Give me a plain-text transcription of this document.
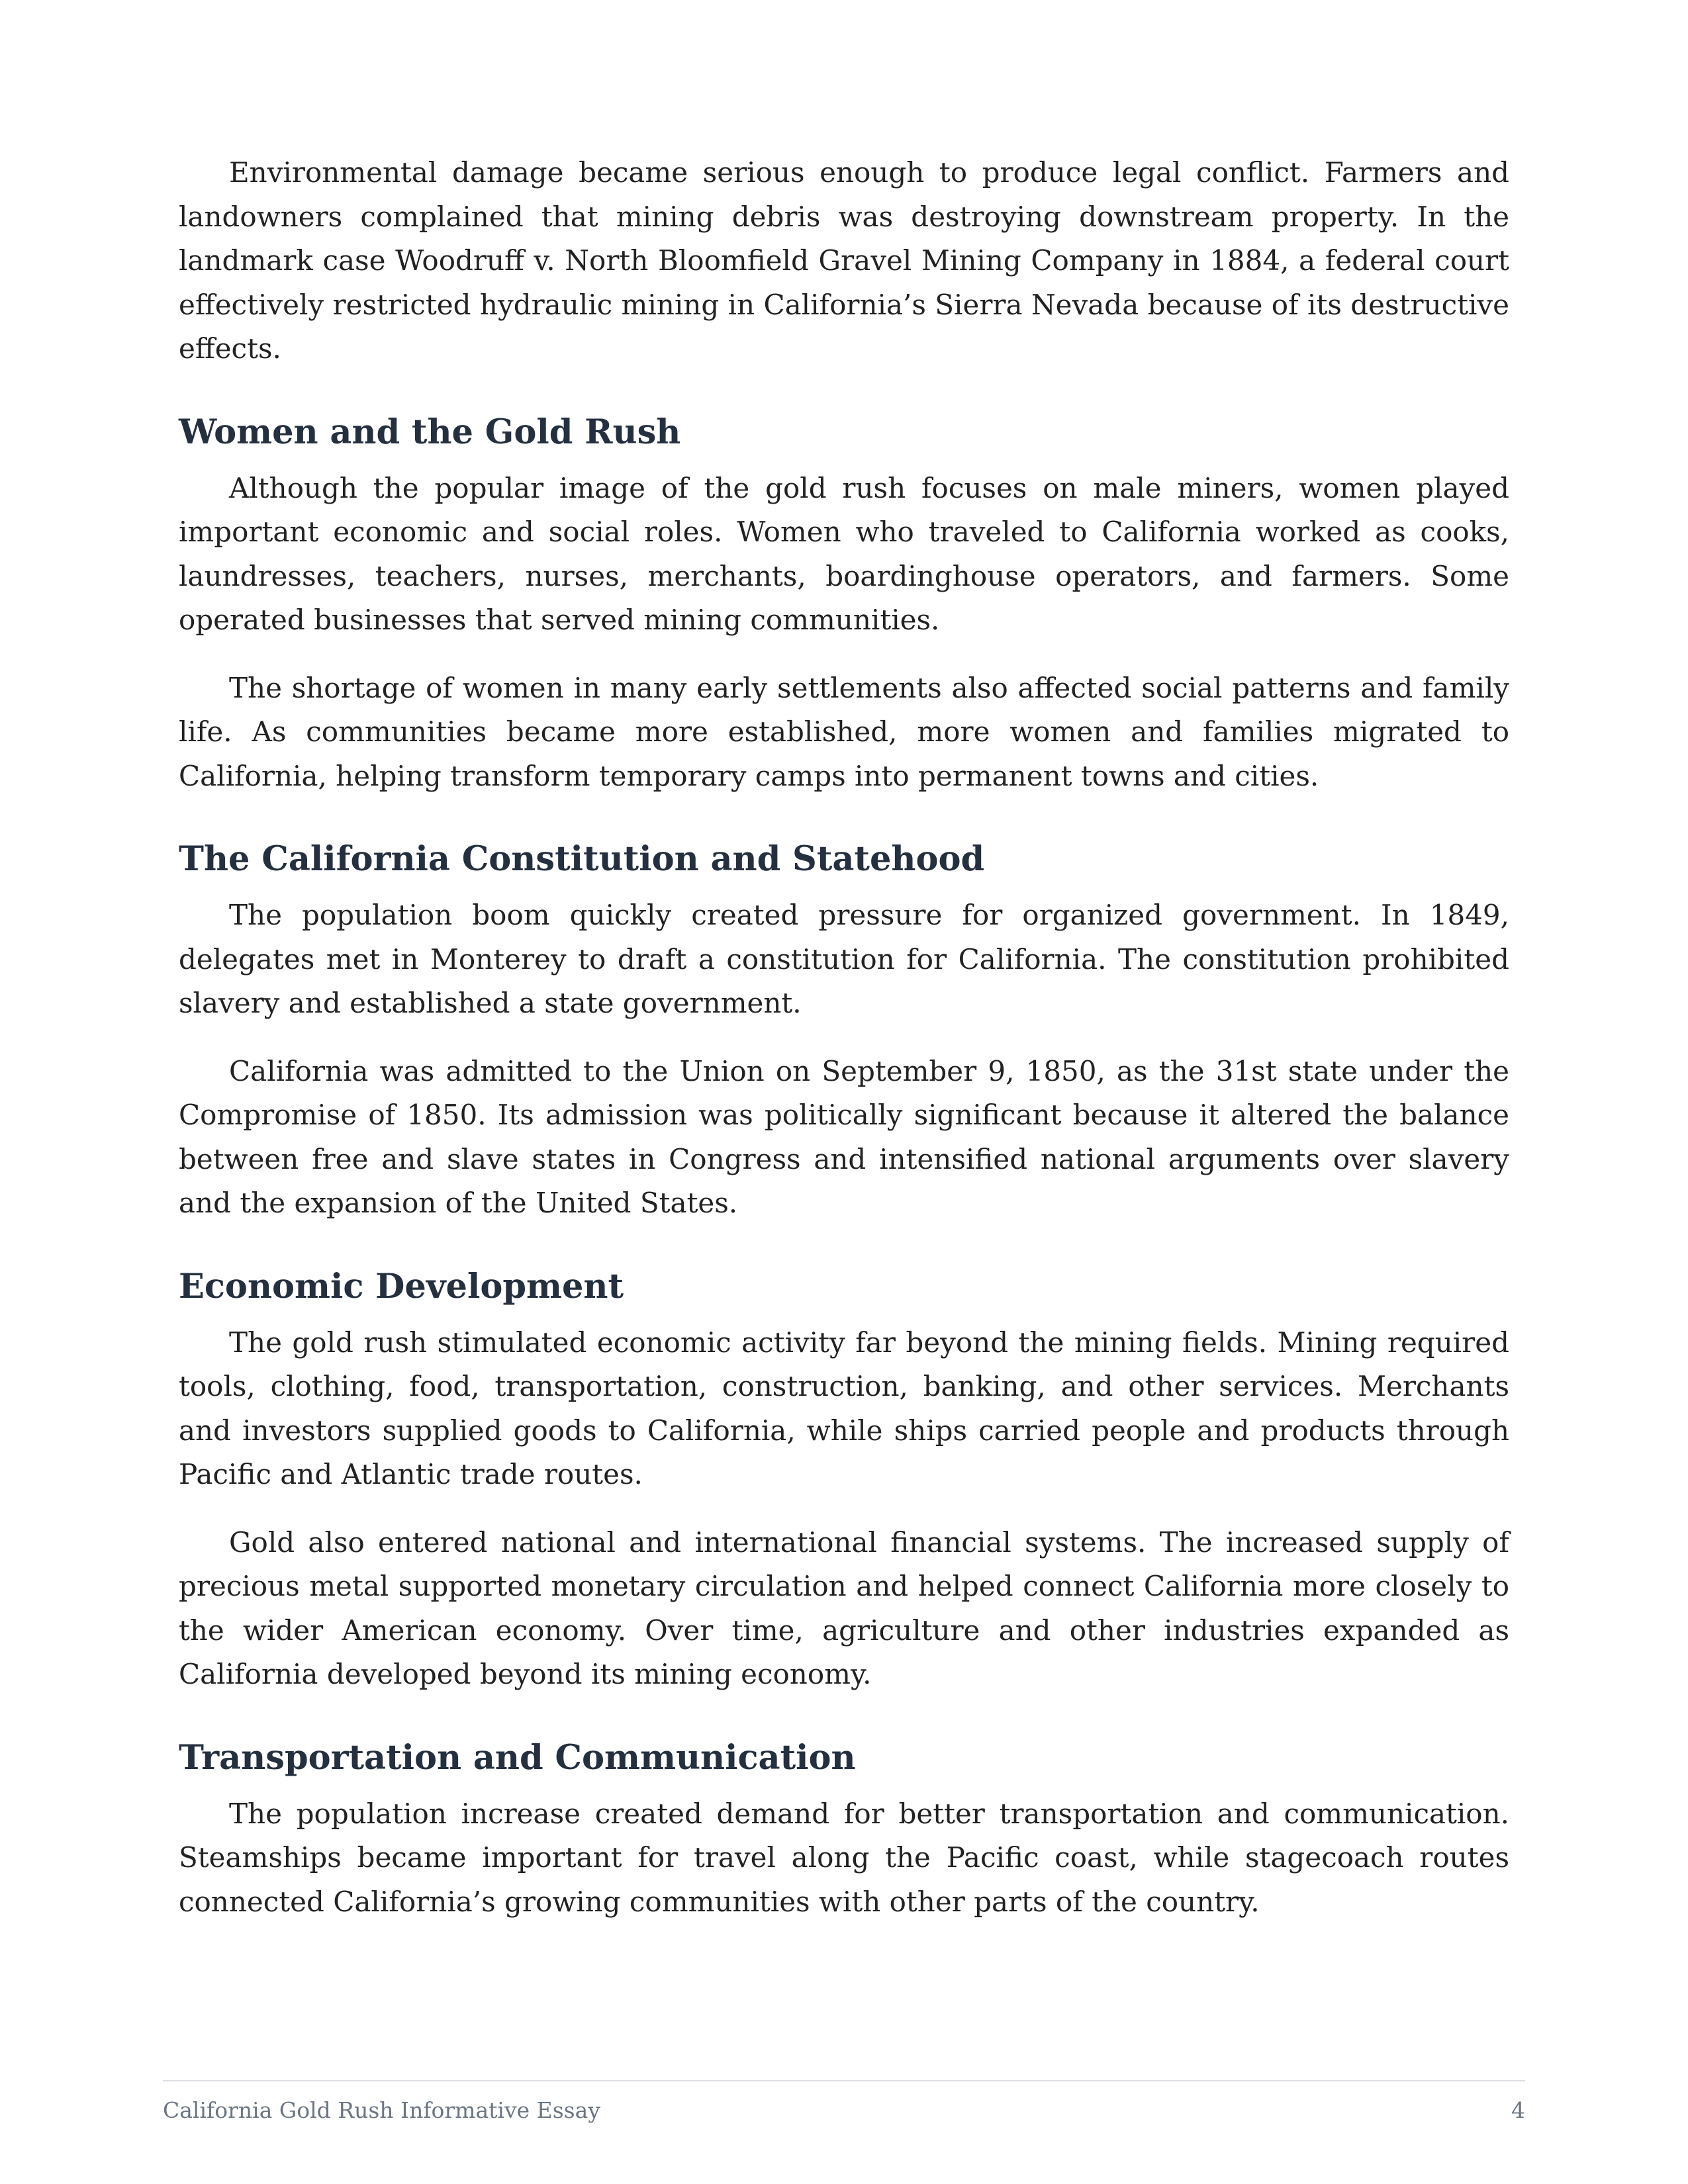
Environmental damage became serious enough to produce legal conflict. Farmers and landowners complained that mining debris was destroying downstream property. In the landmark case Woodruff v. North Bloomfield Gravel Mining Company in 1884, a federal court effectively restricted hydraulic mining in California’s Sierra Nevada because of its destructive effects.

Women and the Gold Rush

Although the popular image of the gold rush focuses on male miners, women played important economic and social roles. Women who traveled to California worked as cooks, laundresses, teachers, nurses, merchants, boardinghouse operators, and farmers. Some operated businesses that served mining communities.

The shortage of women in many early settlements also affected social patterns and family life. As communities became more established, more women and families migrated to California, helping transform temporary camps into permanent towns and cities.

The California Constitution and Statehood

The population boom quickly created pressure for organized government. In 1849, delegates met in Monterey to draft a constitution for California. The constitution prohibited slavery and established a state government.

California was admitted to the Union on September 9, 1850, as the 31st state under the Compromise of 1850. Its admission was politically significant because it altered the balance between free and slave states in Congress and intensified national arguments over slavery and the expansion of the United States.

Economic Development

The gold rush stimulated economic activity far beyond the mining fields. Mining required tools, clothing, food, transportation, construction, banking, and other services. Merchants and investors supplied goods to California, while ships carried people and products through Pacific and Atlantic trade routes.

Gold also entered national and international financial systems. The increased supply of precious metal supported monetary circulation and helped connect California more closely to the wider American economy. Over time, agriculture and other industries expanded as California developed beyond its mining economy.

Transportation and Communication

The population increase created demand for better transportation and communication. Steamships became important for travel along the Pacific coast, while stagecoach routes connected California’s growing communities with other parts of the country.

California Gold Rush Informative Essay	4
